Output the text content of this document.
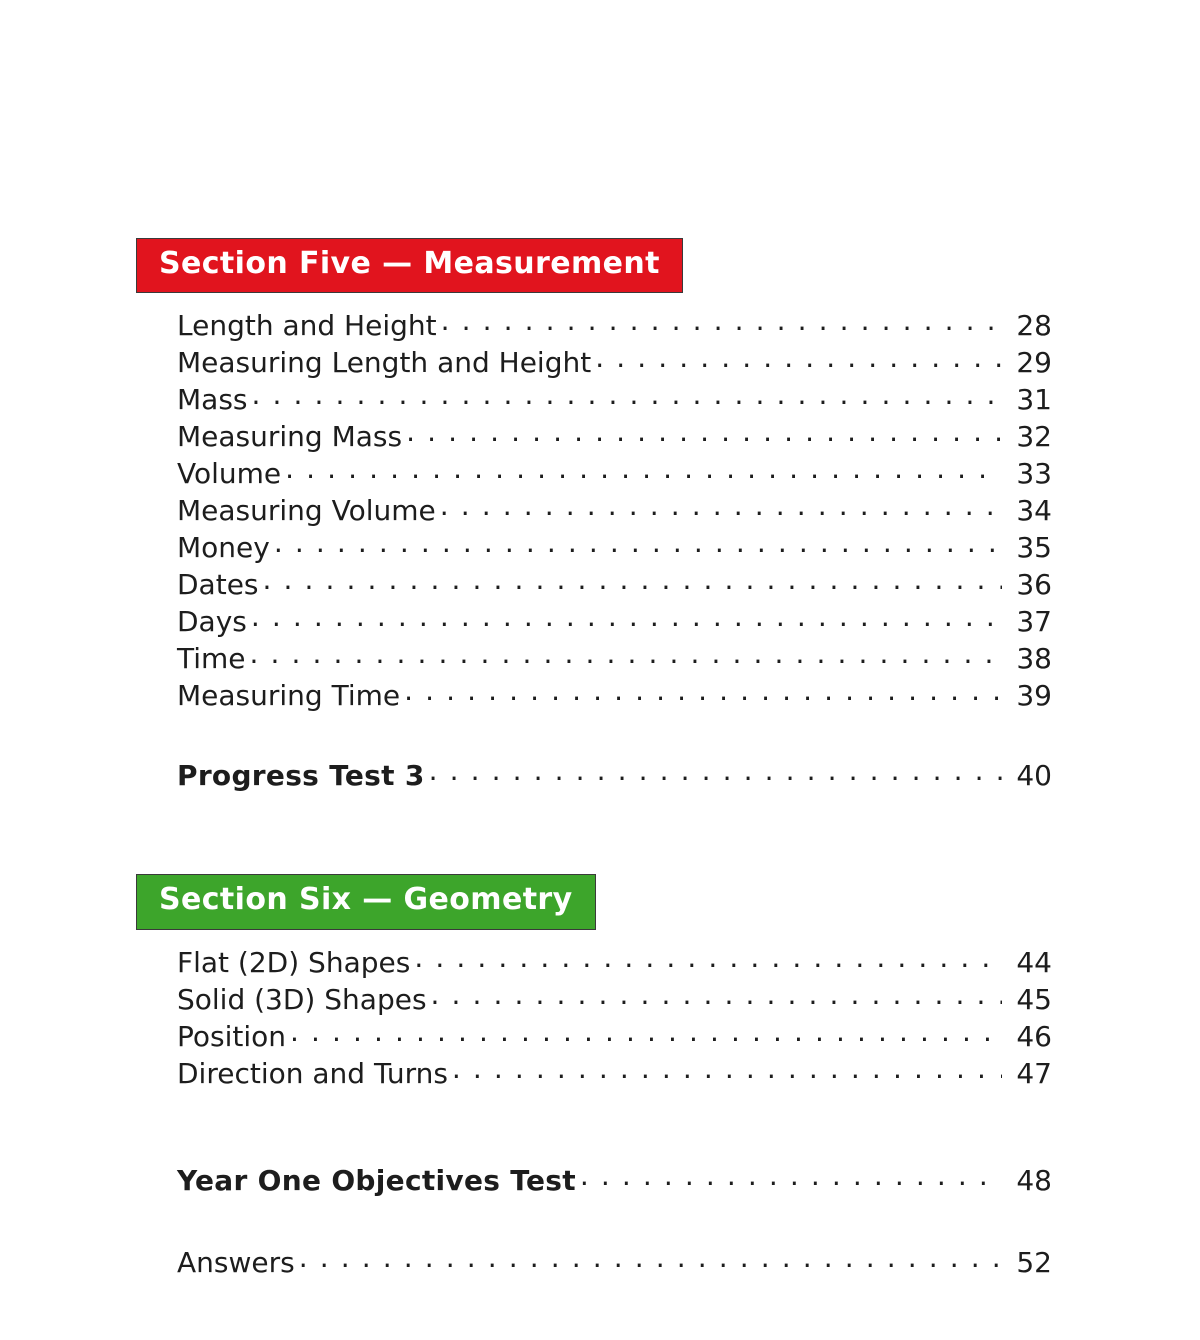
Section Five — Measurement
Length and Height . . .	28
Measuring Length and Height . . .	29
Mass . . .	31
Measuring Mass . . .	32
Volume . . .	33
Measuring Volume . . .	34
Money . . .	35
Dates . . .	36
Days . . .	37
Time . . .	38
Measuring Time . . .	39
Progress Test 3 . . .	40
Section Six — Geometry
Flat (2D) Shapes . . .	44
Solid (3D) Shapes . . .	45
Position . . .	46
Direction and Turns . . .	47
Year One Objectives Test . . .	48
Answers . . .	52
